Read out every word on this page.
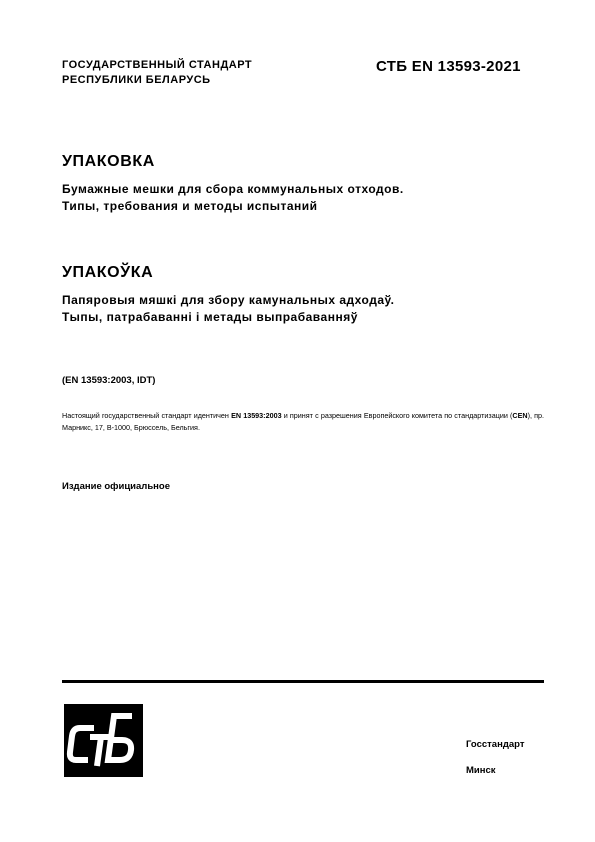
ГОСУДАРСТВЕННЫЙ СТАНДАРТ
РЕСПУБЛИКИ БЕЛАРУСЬ
СТБ EN 13593-2021
УПАКОВКА
Бумажные мешки для сбора коммунальных отходов.
Типы, требования и методы испытаний
УПАКОЎКА
Папяровыя мяшкі для збору камунальных адходаў.
Тыпы, патрабаванні і метады выпрабаванняў
(EN 13593:2003, IDT)
Настоящий государственный стандарт идентичен EN 13593:2003 и принят с разрешения Европейского комитета по стандартизации (CEN), пр. Марникс, 17, B-1000, Брюссель, Бельгия.
Издание официальное
Госстандарт
Минск
